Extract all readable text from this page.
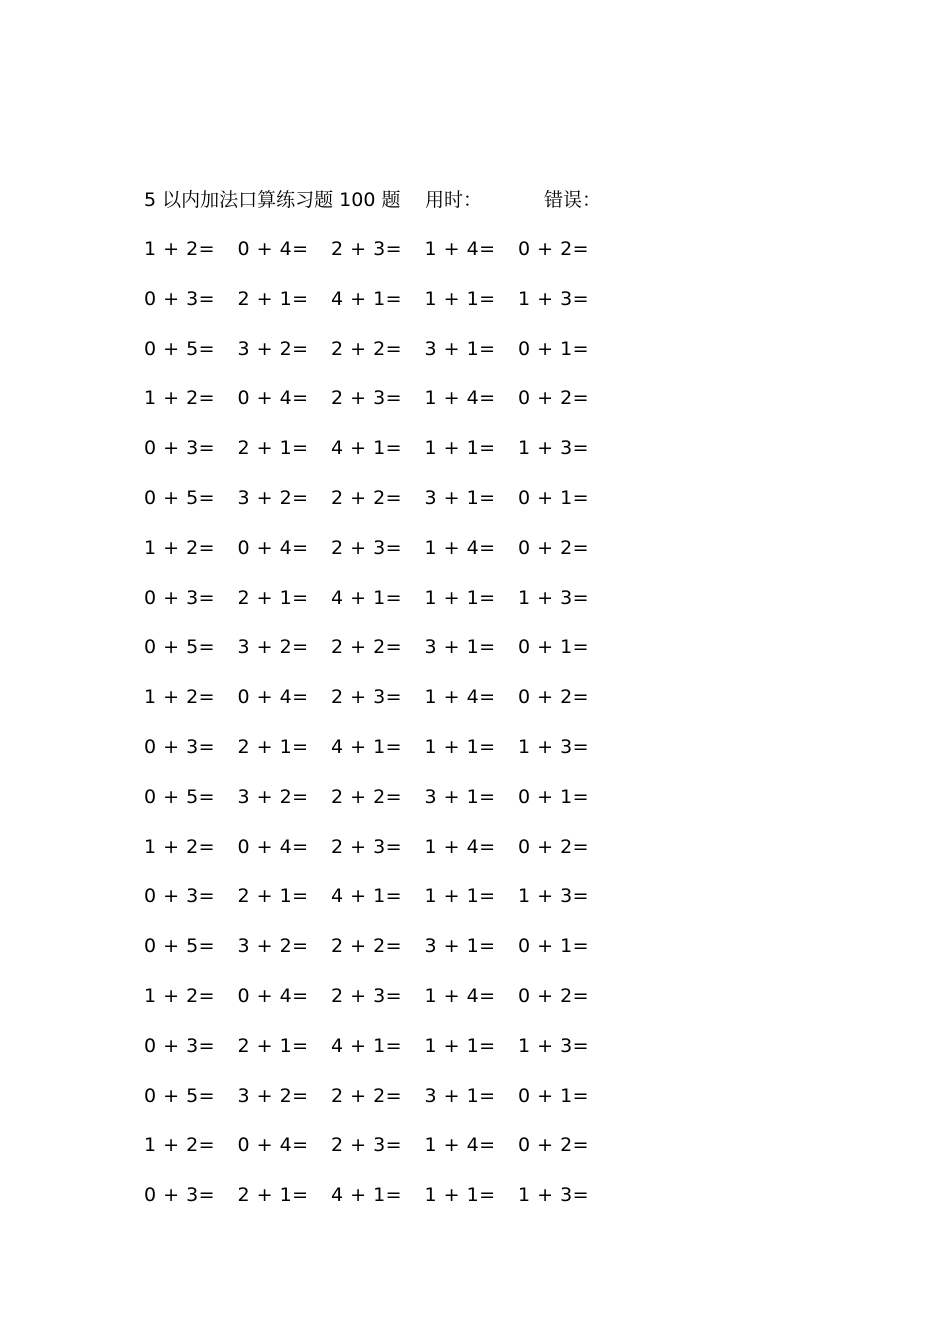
5 以内加法口算练习题 100 题 用时：	错误：
1 + 2=	0 + 4=	2 + 3=	1 + 4=	0 + 2=
0 + 3=	2 + 1=	4 + 1=	1 + 1=	1 + 3=
0 + 5=	3 + 2=	2 + 2=	3 + 1=	0 + 1=
1 + 2=	0 + 4=	2 + 3=	1 + 4=	0 + 2=
0 + 3=	2 + 1=	4 + 1=	1 + 1=	1 + 3=
0 + 5=	3 + 2=	2 + 2=	3 + 1=	0 + 1=
1 + 2=	0 + 4=	2 + 3=	1 + 4=	0 + 2=
0 + 3=	2 + 1=	4 + 1=	1 + 1=	1 + 3=
0 + 5=	3 + 2=	2 + 2=	3 + 1=	0 + 1=
1 + 2=	0 + 4=	2 + 3=	1 + 4=	0 + 2=
0 + 3=	2 + 1=	4 + 1=	1 + 1=	1 + 3=
0 + 5=	3 + 2=	2 + 2=	3 + 1=	0 + 1=
1 + 2=	0 + 4=	2 + 3=	1 + 4=	0 + 2=
0 + 3=	2 + 1=	4 + 1=	1 + 1=	1 + 3=
0 + 5=	3 + 2=	2 + 2=	3 + 1=	0 + 1=
1 + 2=	0 + 4=	2 + 3=	1 + 4=	0 + 2=
0 + 3=	2 + 1=	4 + 1=	1 + 1=	1 + 3=
0 + 5=	3 + 2=	2 + 2=	3 + 1=	0 + 1=
1 + 2=	0 + 4=	2 + 3=	1 + 4=	0 + 2=
0 + 3=	2 + 1=	4 + 1=	1 + 1=	1 + 3=
